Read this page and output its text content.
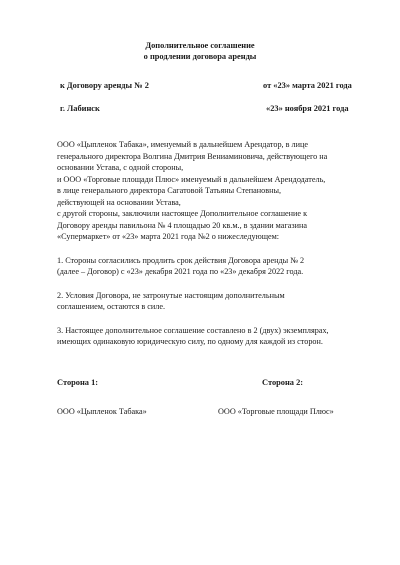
Дополнительное соглашение
о продлении договора аренды
к Договору аренды № 2	от «23» марта 2021 года
г. Лабинск	«23» ноября 2021 года
ООО «Цыпленок Табака», именуемый в дальнейшем Арендатор, в лице
генерального директора Волгина Дмитрия Вениаминовича, действующего на
основании Устава, с одной стороны,
и ООО «Торговые площади Плюс» именуемый в дальнейшем Арендодатель,
в лице генерального директора Сагатовой Татьяны Степановны,
действующей на основании Устава,
с другой стороны, заключили настоящее Дополнительное соглашение к
Договору аренды павильона № 4 площадью 20 кв.м., в здании магазина
«Супермаркет» от «23» марта 2021 года №2 о нижеследующем:
1. Стороны согласились продлить срок действия Договора аренды № 2
(далее – Договор) с «23» декабря 2021 года по «23» декабря 2022 года.
2. Условия Договора, не затронутые настоящим дополнительным
соглашением, остаются в силе.
3. Настоящее дополнительное соглашение составлено в 2 (двух) экземплярах,
имеющих одинаковую юридическую силу, по одному для каждой из сторон.
Сторона 1:	Сторона 2:
ООО «Цыпленок Табака»	ООО «Торговые площади Плюс»
